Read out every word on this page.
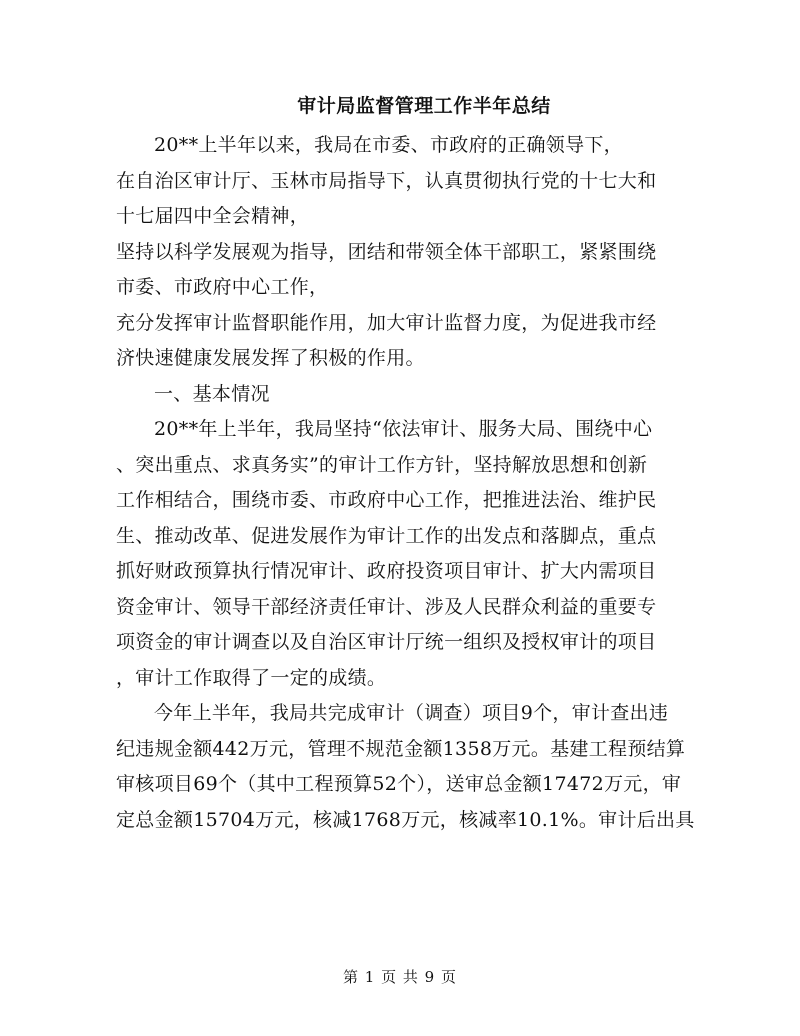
审计局监督管理工作半年总结
20**上半年以来，我局在市委、市政府的正确领导下，
在自治区审计厅、玉林市局指导下，认真贯彻执行党的十七大和
十七届四中全会精神，
坚持以科学发展观为指导，团结和带领全体干部职工，紧紧围绕
市委、市政府中心工作，
充分发挥审计监督职能作用，加大审计监督力度，为促进我市经
济快速健康发展发挥了积极的作用。
一、基本情况
20**年上半年，我局坚持“依法审计、服务大局、围绕中心
、突出重点、求真务实”的审计工作方针，坚持解放思想和创新
工作相结合，围绕市委、市政府中心工作，把推进法治、维护民
生、推动改革、促进发展作为审计工作的出发点和落脚点，重点
抓好财政预算执行情况审计、政府投资项目审计、扩大内需项目
资金审计、领导干部经济责任审计、涉及人民群众利益的重要专
项资金的审计调查以及自治区审计厅统一组织及授权审计的项目
，审计工作取得了一定的成绩。
今年上半年，我局共完成审计（调查）项目9个，审计查出违
纪违规金额442万元，管理不规范金额1358万元。基建工程预结算
审核项目69个（其中工程预算52个），送审总金额17472万元，审
定总金额15704万元，核减1768万元，核减率10.1%。审计后出具
第 1 页 共 9 页
